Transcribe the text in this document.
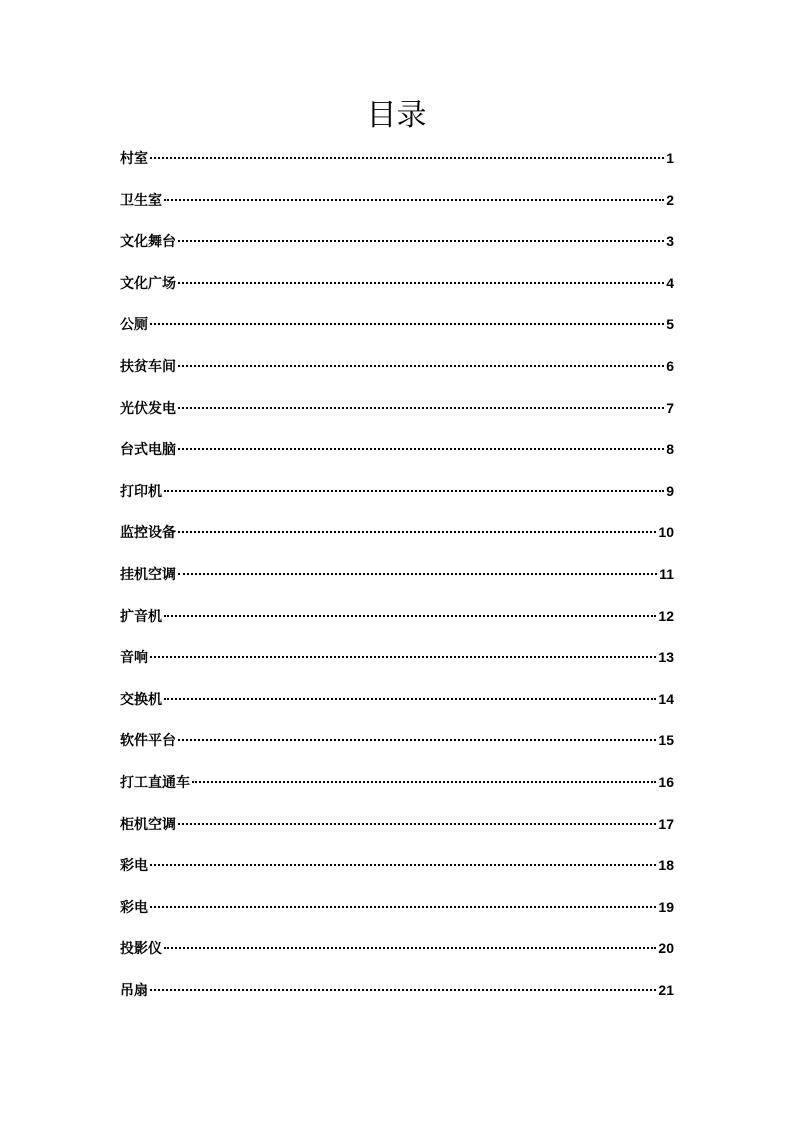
目录
村室	1
卫生室	2
文化舞台	3
文化广场	4
公厕	5
扶贫车间	6
光伏发电	7
台式电脑	8
打印机	9
监控设备	10
挂机空调	11
扩音机	12
音响	13
交换机	14
软件平台	15
打工直通车	16
柜机空调	17
彩电	18
彩电	19
投影仪	20
吊扇	21
